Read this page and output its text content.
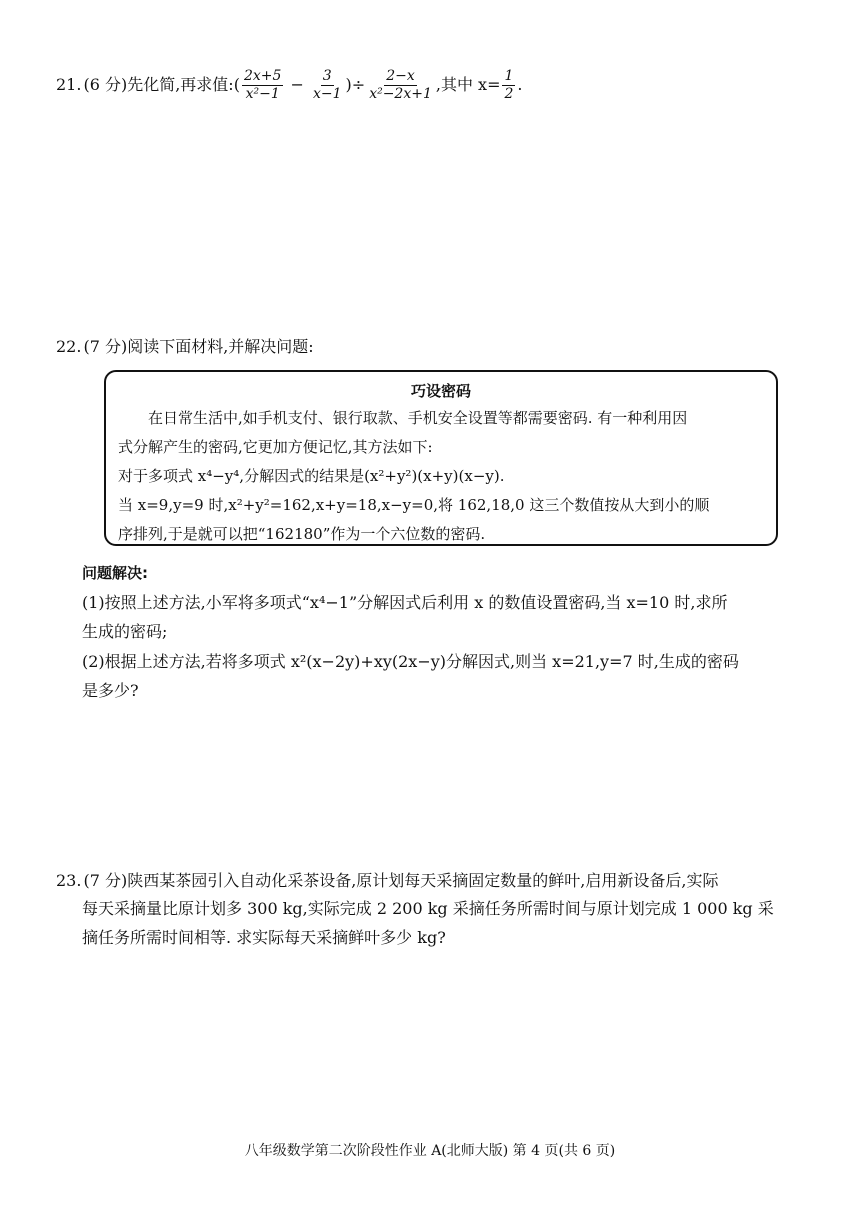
21. (6 分)先化简,再求值:( $\frac{2x+5}{\text{x²−1}} - \frac{3}{x-1}$ )÷ $\frac{2-x}{\text{x²−2x+1}}$ ,其中 $x= \frac{1}{2}$ .
22. (7 分)阅读下面材料,并解决问题:
巧设密码

在日常生活中,如手机支付、银行取款、手机安全设置等都需要密码. 有一种利用因

式分解产生的密码,它更加方便记忆,其方法如下:

对于多项式 x⁴−y⁴,分解因式的结果是(x²+y²)(x+y)(x−y).

当 x=9,y=9 时,x²+y²=162,x+y=18,x−y=0,将 162,18,0 这三个数值按从大到小的顺

序排列,于是就可以把“162180”作为一个六位数的密码.

问题解决:
(1)按照上述方法,小军将多项式“x⁴−1”分解因式后利用 x 的数值设置密码,当 x=10 时,求所
生成的密码;
(2)根据上述方法,若将多项式 x²(x−2y)+xy(2x−y)分解因式,则当 x=21,y=7 时,生成的密码
是多少?
23. (7 分)陕西某茶园引入自动化采茶设备,原计划每天采摘固定数量的鲜叶,启用新设备后,实际
每天采摘量比原计划多 300 kg,实际完成 2 200 kg 采摘任务所需时间与原计划完成 1 000 kg 采
摘任务所需时间相等. 求实际每天采摘鲜叶多少 kg?
八年级数学第二次阶段性作业 A(北师大版) 第 4 页(共 6 页)
